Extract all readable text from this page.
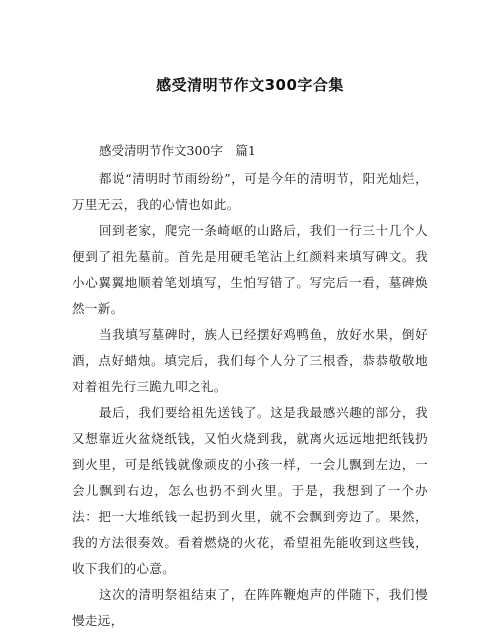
感受清明节作文300字合集
感受清明节作文300字　篇1

都说“清明时节雨纷纷”，可是今年的清明节，阳光灿烂，万里无云，我的心情也如此。

回到老家，爬完一条崎岖的山路后，我们一行三十几个人便到了祖先墓前。首先是用硬毛笔沾上红颜料来填写碑文。我小心翼翼地顺着笔划填写，生怕写错了。写完后一看，墓碑焕然一新。

当我填写墓碑时，族人已经摆好鸡鸭鱼，放好水果，倒好酒，点好蜡烛。填完后，我们每个人分了三根香，恭恭敬敬地对着祖先行三跪九叩之礼。

最后，我们要给祖先送钱了。这是我最感兴趣的部分，我又想靠近火盆烧纸钱，又怕火烧到我，就离火远远地把纸钱扔到火里，可是纸钱就像顽皮的小孩一样，一会儿飘到左边，一会儿飘到右边，怎么也扔不到火里。于是，我想到了一个办法：把一大堆纸钱一起扔到火里，就不会飘到旁边了。果然，我的方法很奏效。看着燃烧的火花，希望祖先能收到这些钱，收下我们的心意。

这次的清明祭祖结束了，在阵阵鞭炮声的伴随下，我们慢慢走远，
